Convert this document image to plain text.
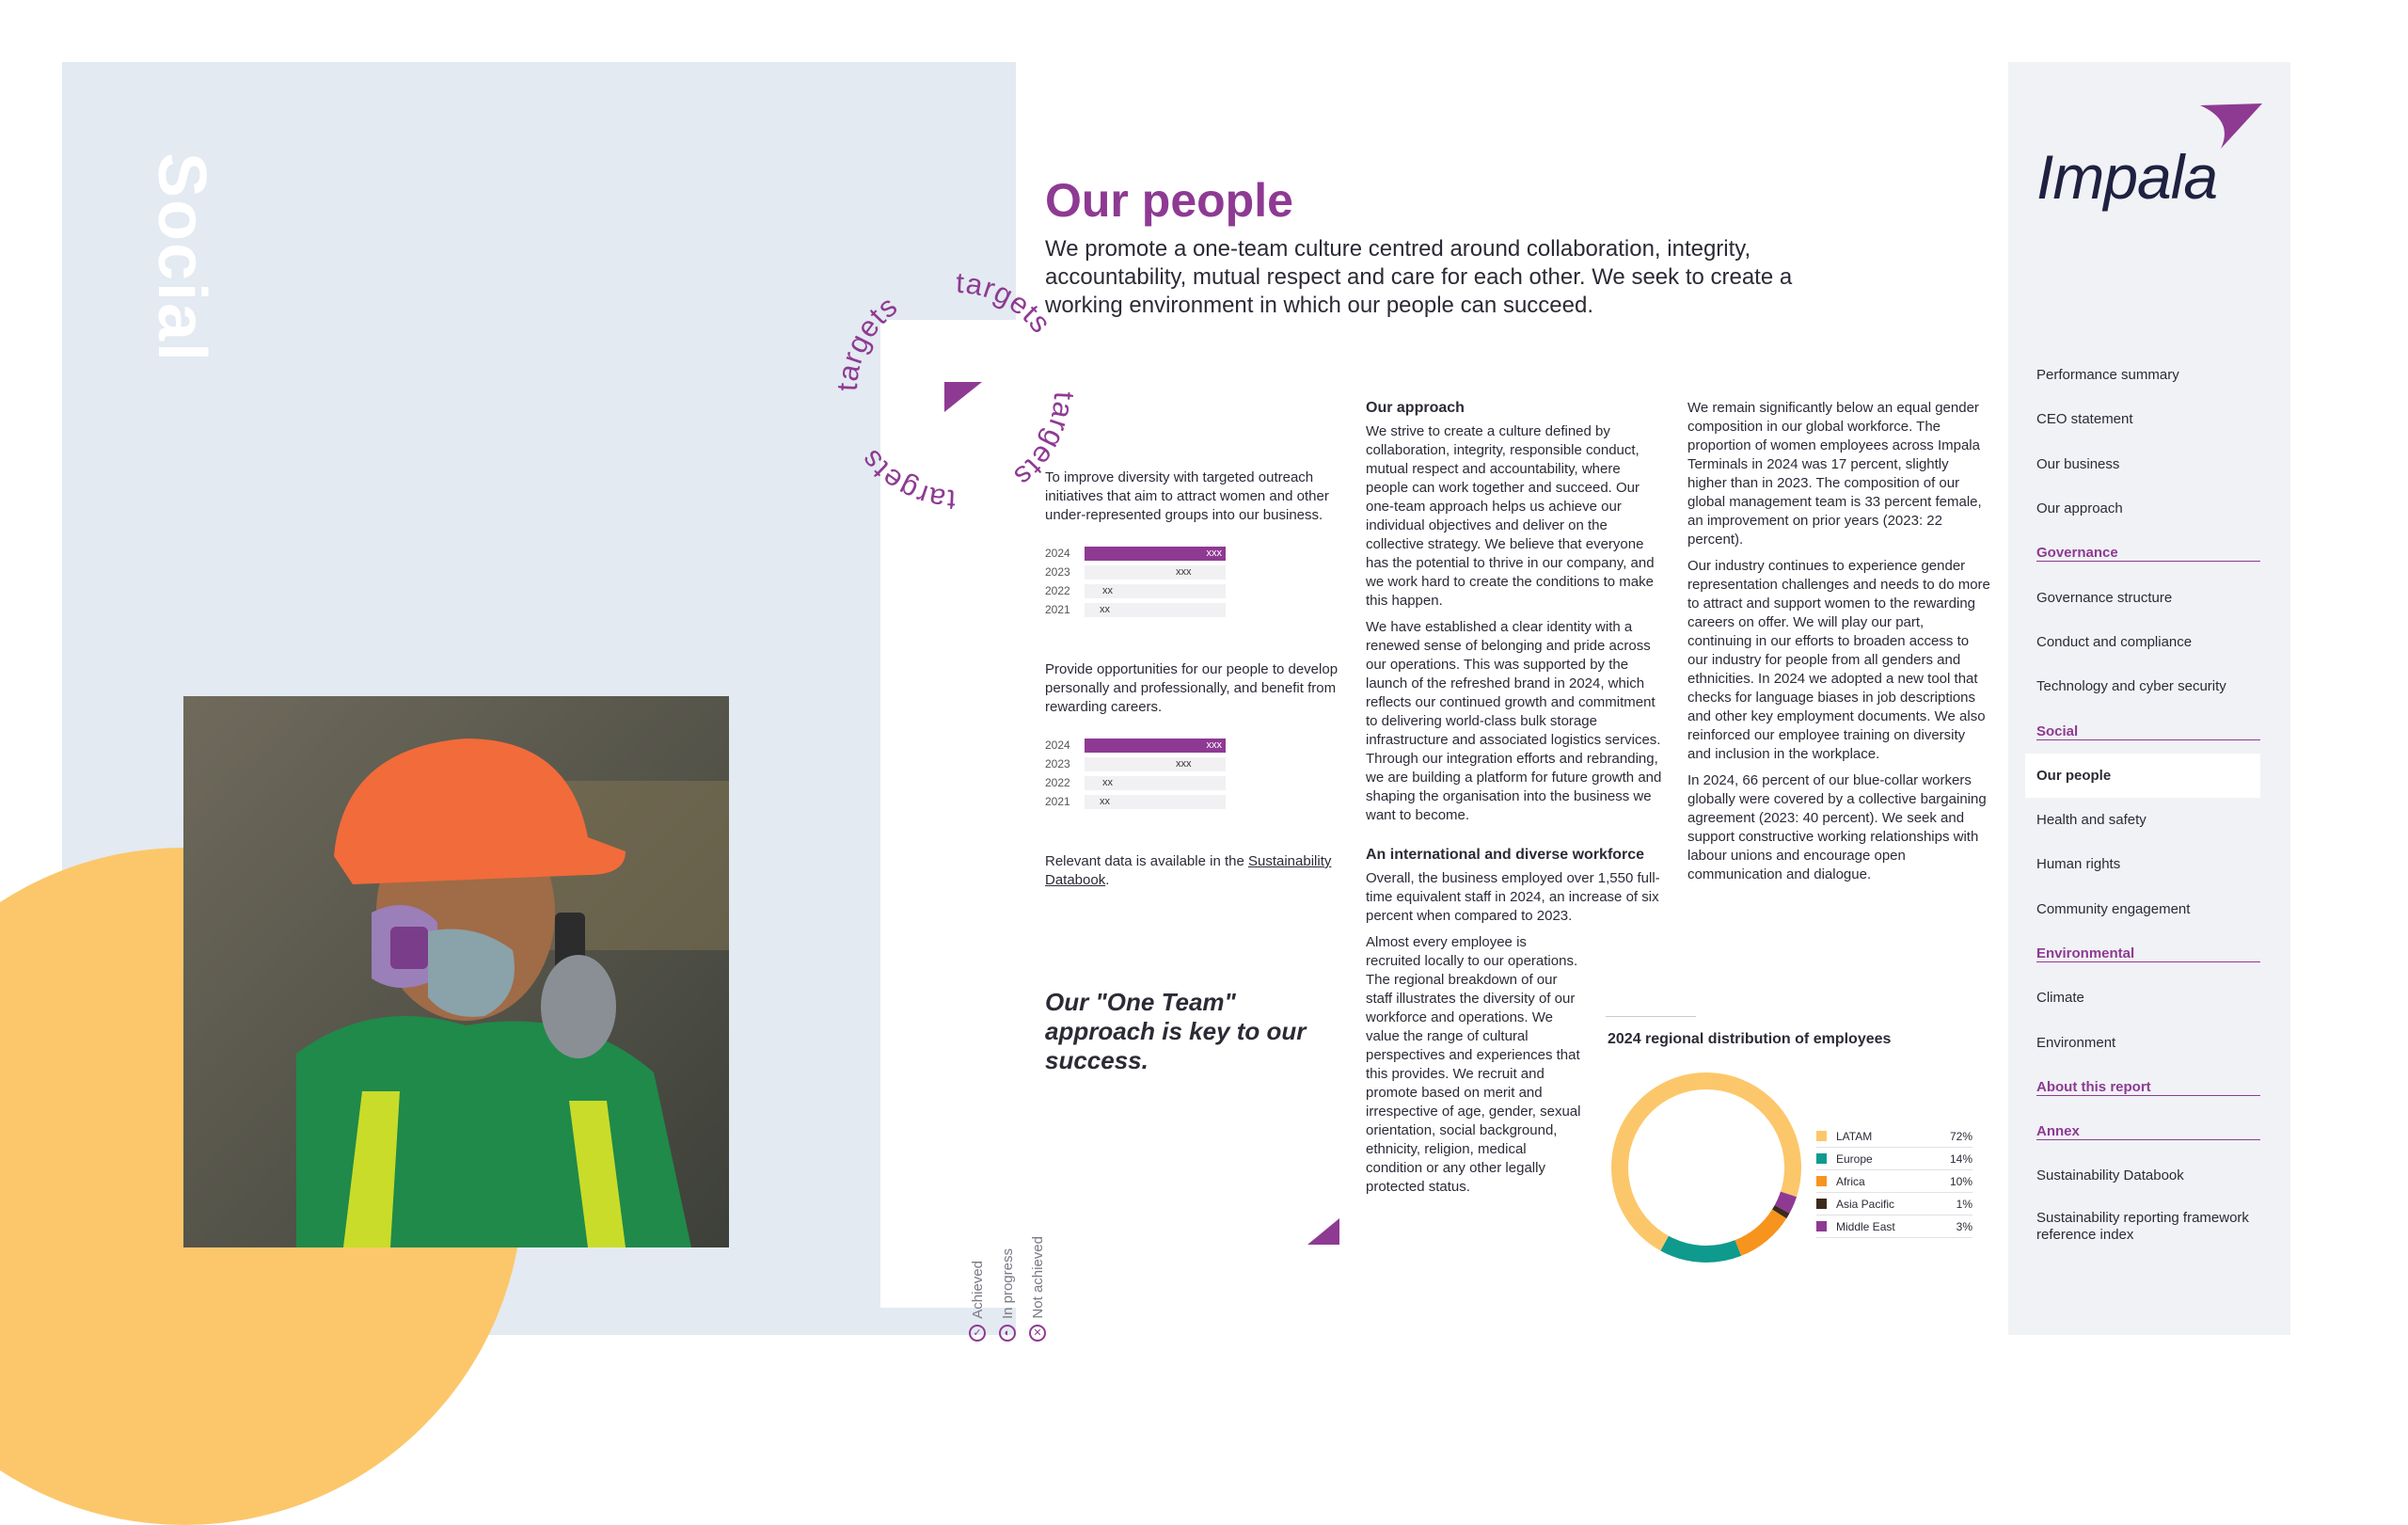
Social
targets
targets
targets
targets
Achieved
✓
In progress
◐
Not achieved
✕
Our people

We promote a one-team culture centred around collaboration, integrity, accountability, mutual respect and care for each other. We seek to create a working environment in which our people can succeed.

To improve diversity with targeted outreach initiatives that aim to attract women and other under-represented groups into our business.

2024	xxx
2023	xxx
2022	xx
2021	xx

Provide opportunities for our people to develop personally and professionally, and benefit from rewarding careers.

2024	xxx
2023	xxx
2022	xx
2021	xx

Relevant data is available in the Sustainability Databook.

Our "One Team" approach is key to our success.
Our approach

We strive to create a culture defined by collaboration, integrity, responsible conduct, mutual respect and accountability, where people can work together and succeed. Our one-team approach helps us achieve our individual objectives and deliver on the collective strategy. We believe that everyone has the potential to thrive in our company, and we work hard to create the conditions to make this happen.

We have established a clear identity with a renewed sense of belonging and pride across our operations. This was supported by the launch of the refreshed brand in 2024, which reflects our continued growth and commitment to delivering world-class bulk storage infrastructure and associated logistics services. Through our integration efforts and rebranding, we are building a platform for future growth and shaping the organisation into the business we want to become.

An international and diverse workforce

Overall, the business employed over 1,550 full-time equivalent staff in 2024, an increase of six percent when compared to 2023.

Almost every employee is recruited locally to our operations. The regional breakdown of our staff illustrates the diversity of our workforce and operations. We value the range of cultural perspectives and experiences that this provides. We recruit and promote based on merit and irrespective of age, gender, sexual orientation, social background, ethnicity, religion, medical condition or any other legally protected status.

We remain significantly below an equal gender composition in our global workforce. The proportion of women employees across Impala Terminals in 2024 was 17 percent, slightly higher than in 2023. The composition of our global management team is 33 percent female, an improvement on prior years (2023: 22 percent).

Our industry continues to experience gender representation challenges and needs to do more to attract and support women to the rewarding careers on offer. We will play our part, continuing in our efforts to broaden access to our industry for people from all genders and ethnicities. In 2024 we adopted a new tool that checks for language biases in job descriptions and other key employment documents. We also reinforced our employee training on diversity and inclusion in the workplace.

In 2024, 66 percent of our blue-collar workers globally were covered by a collective bargaining agreement (2023: 40 percent). We seek and support constructive working relationships with labour unions and encourage open communication and dialogue.

2024 regional distribution of employees
LATAM	72%
Europe	14%
Africa	10%
Asia Pacific	1%
Middle East	3%
Impala
Performance summary
CEO statement
Our business
Our approach
Governance
Governance structure
Conduct and compliance
Technology and cyber security
Social
Our people
Health and safety
Human rights
Community engagement
Environmental
Climate
Environment
About this report
Annex
Sustainability Databook
Sustainability reporting framework reference index
